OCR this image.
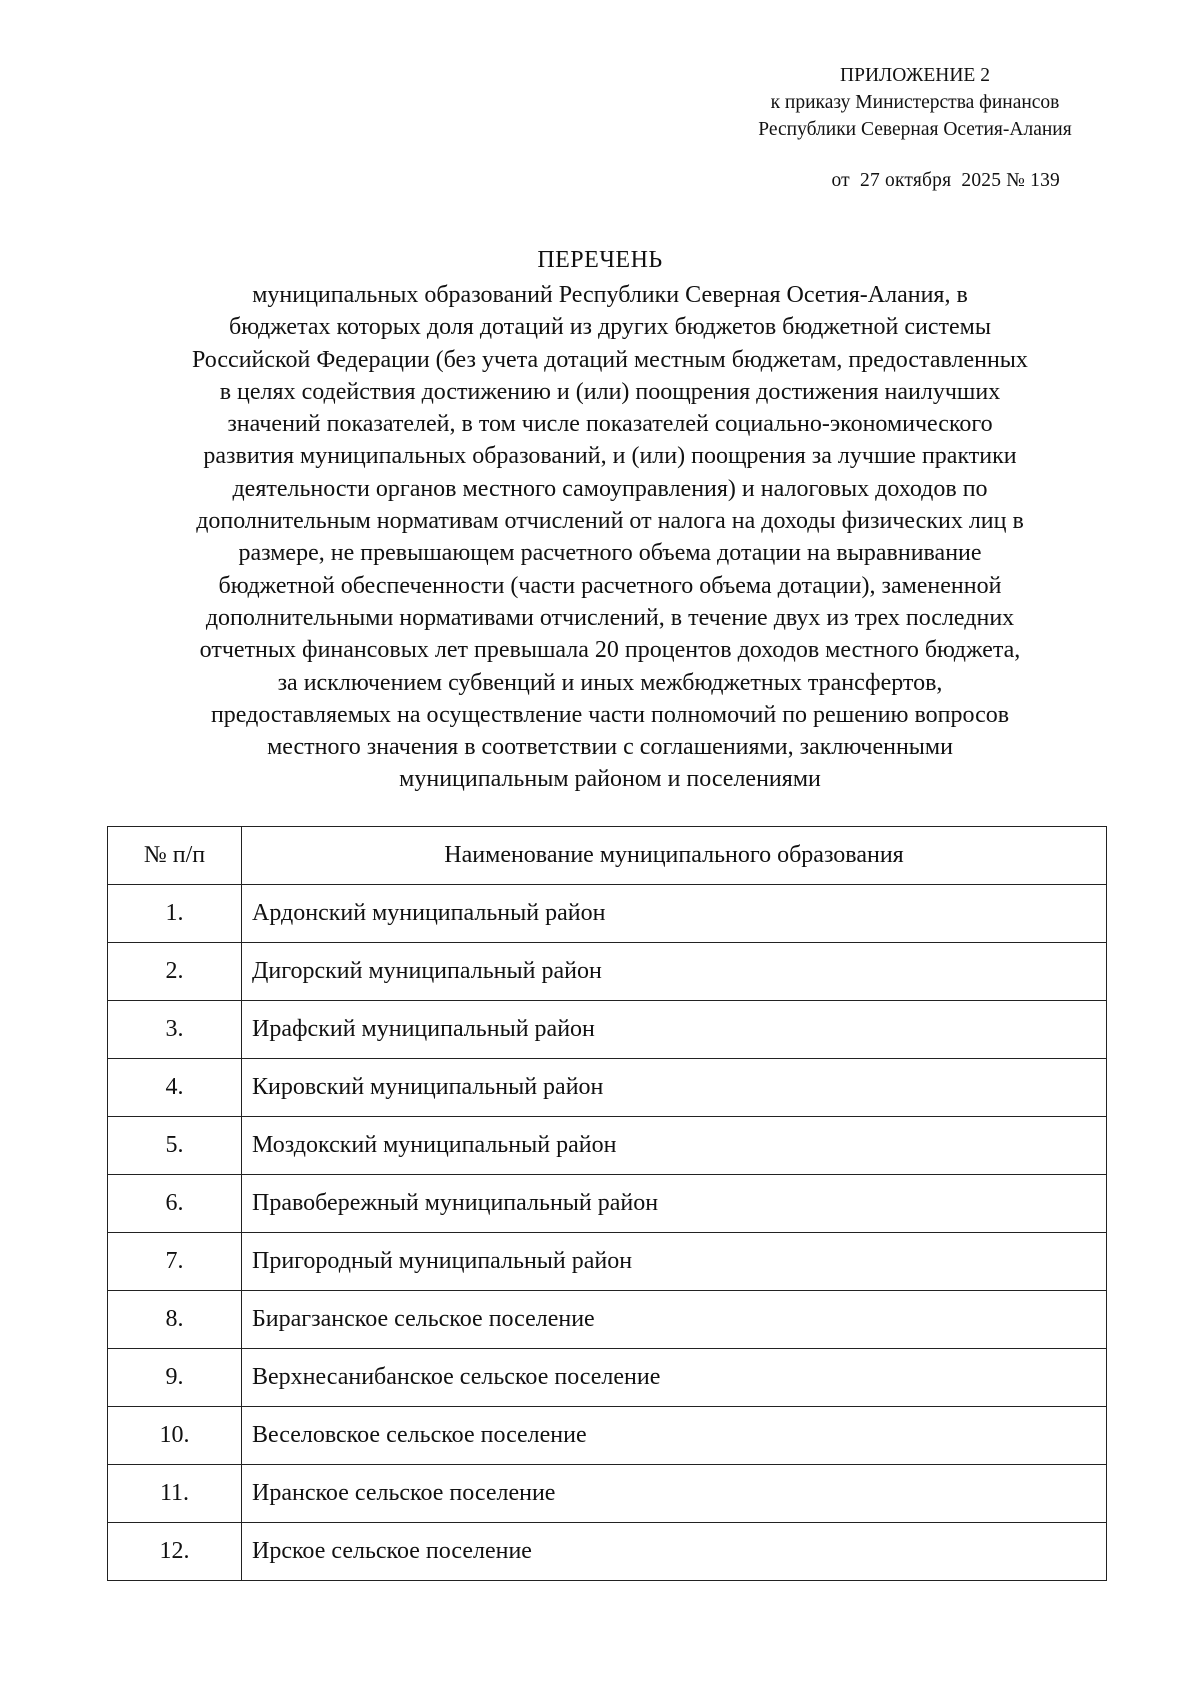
ПРИЛОЖЕНИЕ 2
к приказу Министерства финансов
Республики Северная Осетия-Алания
от  27 октября  2025 № 139
ПЕРЕЧЕНЬ
муниципальных образований Республики Северная Осетия-Алания, в
бюджетах которых доля дотаций из других бюджетов бюджетной системы
Российской Федерации (без учета дотаций местным бюджетам, предоставленных
в целях содействия достижению и (или) поощрения достижения наилучших
значений показателей, в том числе показателей социально-экономического
развития муниципальных образований, и (или) поощрения за лучшие практики
деятельности органов местного самоуправления) и налоговых доходов по
дополнительным нормативам отчислений от налога на доходы физических лиц в
размере, не превышающем расчетного объема дотации на выравнивание
бюджетной обеспеченности (части расчетного объема дотации), замененной
дополнительными нормативами отчислений, в течение двух из трех последних
отчетных финансовых лет превышала 20 процентов доходов местного бюджета,
за исключением субвенций и иных межбюджетных трансфертов,
предоставляемых на осуществление части полномочий по решению вопросов
местного значения в соответствии с соглашениями, заключенными
муниципальным районом и поселениями
№ п/п	Наименование муниципального образования
1.	Ардонский муниципальный район
2.	Дигорский муниципальный район
3.	Ирафский муниципальный район
4.	Кировский муниципальный район
5.	Моздокский муниципальный район
6.	Правобережный муниципальный район
7.	Пригородный муниципальный район
8.	Бирагзанское сельское поселение
9.	Верхнесанибанское сельское поселение
10.	Веселовское сельское поселение
11.	Иранское сельское поселение
12.	Ирское сельское поселение
